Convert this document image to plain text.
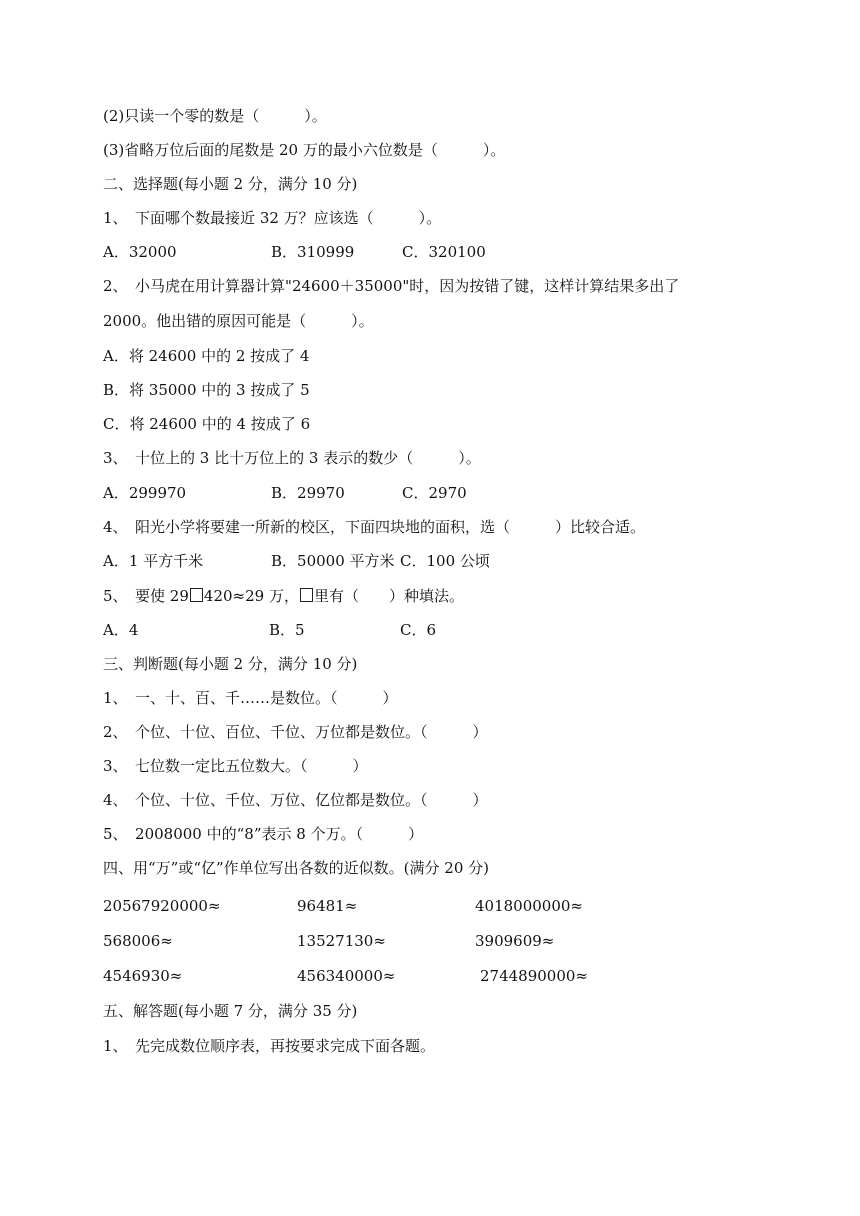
(2)只读一个零的数是（　　　）。
(3)省略万位后面的尾数是 20 万的最小六位数是（　　　）。
二、选择题(每小题 2 分，满分 10 分)
1、　下面哪个数最接近 32 万？应该选（　　　）。
A．32000	B．310999	C．320100
2、　小马虎在用计算器计算"24600＋35000"时，因为按错了键，这样计算结果多出了
2000。他出错的原因可能是（　　　）。
A．将 24600 中的 2 按成了 4
B．将 35000 中的 3 按成了 5
C．将 24600 中的 4 按成了 6
3、　十位上的 3 比十万位上的 3 表示的数少（　　　）。
A．299970	B．29970	C．2970
4、　阳光小学将要建一所新的校区，下面四块地的面积，选（　　　）比较合适。
A．1 平方千米	B．50000 平方米 C．100 公顷
5、　要使 29 420≈29 万， 里有（　　）种填法。
A．4	B．5	C．6
三、判断题(每小题 2 分，满分 10 分)
1、　一、十、百、千……是数位。（　　　）
2、　个位、十位、百位、千位、万位都是数位。（　　　）
3、　七位数一定比五位数大。（　　　）
4、　个位、十位、千位、万位、亿位都是数位。（　　　）
5、　2008000 中的“8”表示 8 个万。（　　　）
四、用“万”或“亿”作单位写出各数的近似数。(满分 20 分)
20567920000≈	96481≈	4018000000≈
568006≈	13527130≈	3909609≈
4546930≈	456340000≈	2744890000≈
五、解答题(每小题 7 分，满分 35 分)
1、　先完成数位顺序表，再按要求完成下面各题。
